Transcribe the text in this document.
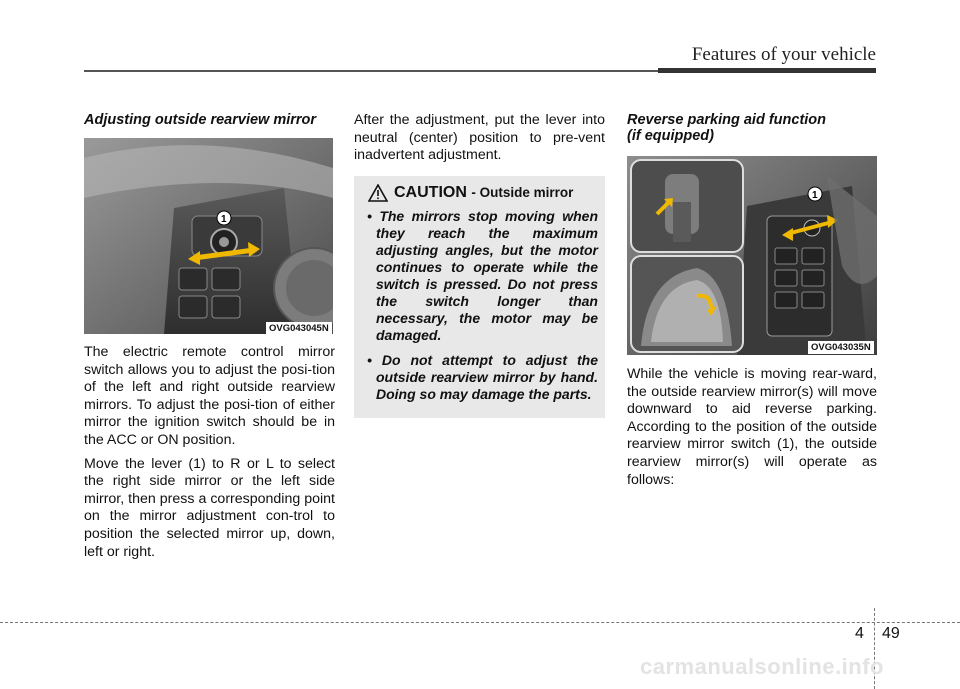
Features of your vehicle
Adjusting outside rearview mirror
1
OVG043045N

The electric remote control mirror switch allows you to adjust the posi-tion of the left and right outside rearview mirrors. To adjust the posi-tion of either mirror the ignition switch should be in the ACC or ON position.

Move the lever (1) to R or L to select the right side mirror or the left side mirror, then press a corresponding point on the mirror adjustment con-trol to position the selected mirror up, down, left or right.

After the adjustment, put the lever into neutral (center) position to pre-vent inadvertent adjustment.
CAUTION - Outside mirror
• The mirrors stop moving when they reach the maximum adjusting angles, but the motor continues to operate while the switch is pressed. Do not press the switch longer than necessary, the motor may be damaged.
• Do not attempt to adjust the outside rearview mirror by hand. Doing so may damage the parts.
Reverse parking aid function
(if equipped)
1
OVG043035N
While the vehicle is moving rear-ward, the outside rearview mirror(s) will move downward to aid reverse parking. According to the position of the outside rearview mirror switch (1), the outside rearview mirror(s) will operate as follows:
4 49
carmanualsonline.info
